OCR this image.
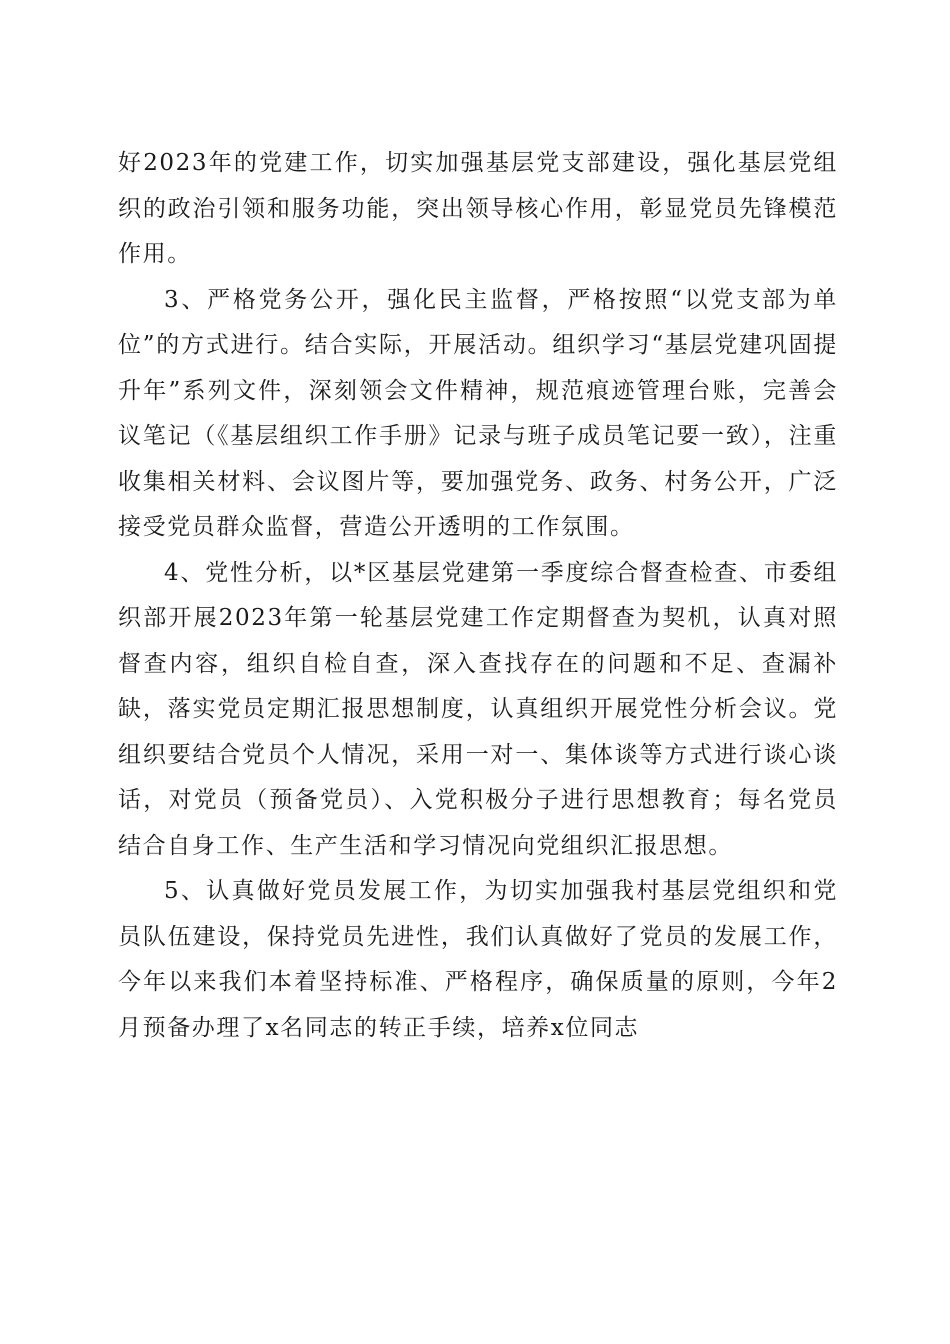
好2023年的党建工作，切实加强基层党支部建设，强化基层党组织的政治引领和服务功能，突出领导核心作用，彰显党员先锋模范作用。

3、严格党务公开，强化民主监督，严格按照“以党支部为单位”的方式进行。结合实际，开展活动。组织学习“基层党建巩固提升年”系列文件，深刻领会文件精神，规范痕迹管理台账，完善会议笔记（《基层组织工作手册》记录与班子成员笔记要一致），注重收集相关材料、会议图片等，要加强党务、政务、村务公开，广泛接受党员群众监督，营造公开透明的工作氛围。

4、党性分析，以*区基层党建第一季度综合督查检查、市委组织部开展2023年第一轮基层党建工作定期督查为契机，认真对照督查内容，组织自检自查，深入查找存在的问题和不足、查漏补缺，落实党员定期汇报思想制度，认真组织开展党性分析会议。党组织要结合党员个人情况，采用一对一、集体谈等方式进行谈心谈话，对党员（预备党员）、入党积极分子进行思想教育；每名党员结合自身工作、生产生活和学习情况向党组织汇报思想。

5、认真做好党员发展工作，为切实加强我村基层党组织和党员队伍建设，保持党员先进性，我们认真做好了党员的发展工作，今年以来我们本着坚持标准、严格程序，确保质量的原则，今年2月预备办理了x名同志的转正手续，培养x位同志
